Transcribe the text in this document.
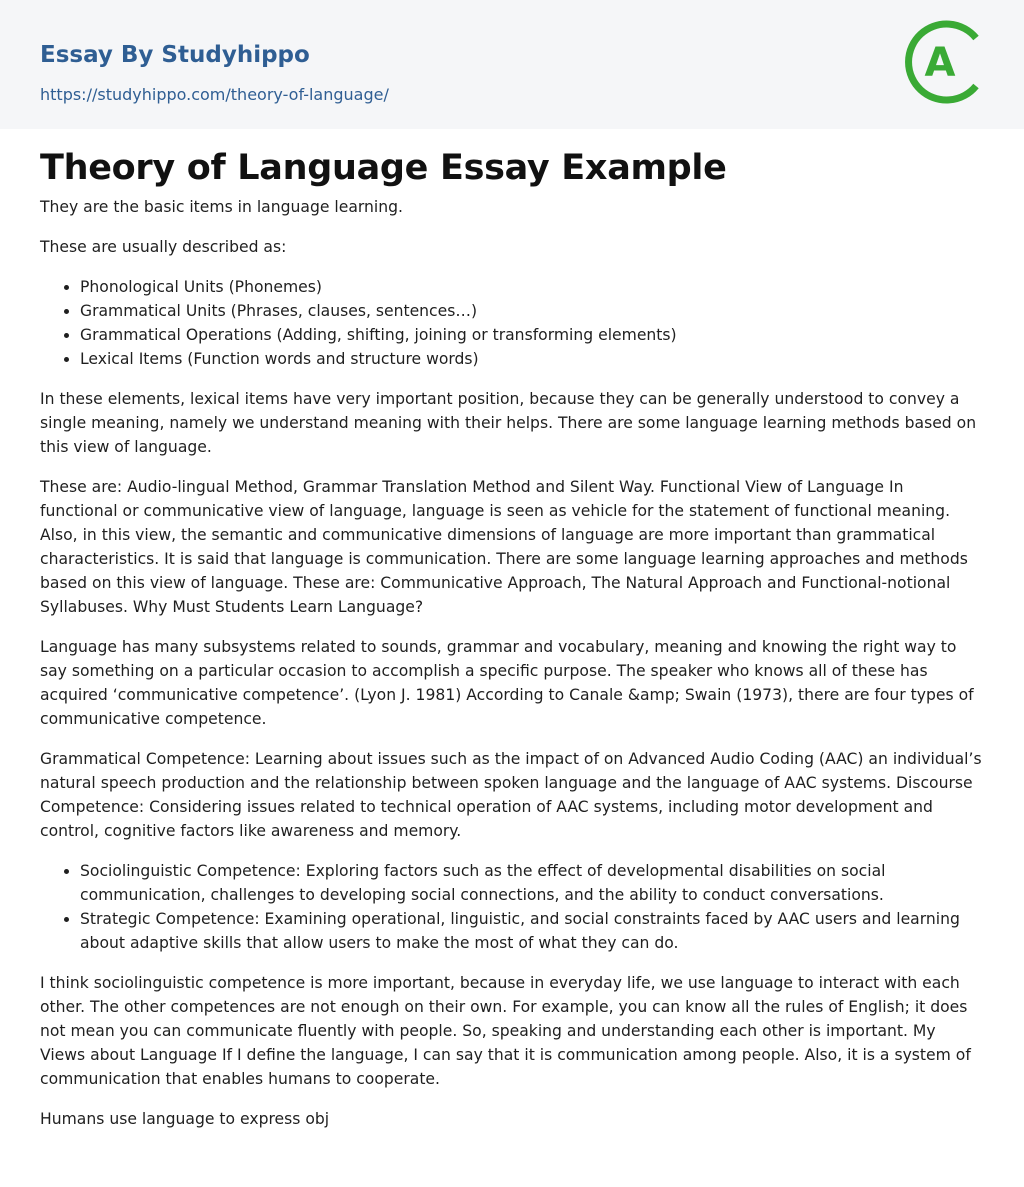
Essay By Studyhippo
https://studyhippo.com/theory-of-language/
A
Theory of Language Essay Example

They are the basic items in language learning.

These are usually described as:

• Phonological Units (Phonemes)
• Grammatical Units (Phrases, clauses, sentences…)
• Grammatical Operations (Adding, shifting, joining or transforming elements)
• Lexical Items (Function words and structure words)

In these elements, lexical items have very important position, because they can be generally understood to convey a single meaning, namely we understand meaning with their helps. There are some language learning methods based on this view of language.

These are: Audio-lingual Method, Grammar Translation Method and Silent Way. Functional View of Language In functional or communicative view of language, language is seen as vehicle for the statement of functional meaning. Also, in this view, the semantic and communicative dimensions of language are more important than grammatical characteristics. It is said that language is communication. There are some language learning approaches and methods based on this view of language. These are: Communicative Approach, The Natural Approach and Functional-notional Syllabuses. Why Must Students Learn Language?

Language has many subsystems related to sounds, grammar and vocabulary, meaning and knowing the right way to say something on a particular occasion to accomplish a specific purpose. The speaker who knows all of these has acquired ‘communicative competence’. (Lyon J. 1981) According to Canale &amp; Swain (1973), there are four types of communicative competence.

Grammatical Competence: Learning about issues such as the impact of on Advanced Audio Coding (AAC) an individual’s natural speech production and the relationship between spoken language and the language of AAC systems. Discourse Competence: Considering issues related to technical operation of AAC systems, including motor development and control, cognitive factors like awareness and memory.

• Sociolinguistic Competence: Exploring factors such as the effect of developmental disabilities on social communication, challenges to developing social connections, and the ability to conduct conversations.
• Strategic Competence: Examining operational, linguistic, and social constraints faced by AAC users and learning about adaptive skills that allow users to make the most of what they can do.

I think sociolinguistic competence is more important, because in everyday life, we use language to interact with each other. The other competences are not enough on their own. For example, you can know all the rules of English; it does not mean you can communicate fluently with people. So, speaking and understanding each other is important. My Views about Language If I define the language, I can say that it is communication among people. Also, it is a system of communication that enables humans to cooperate.

Humans use language to express obj
